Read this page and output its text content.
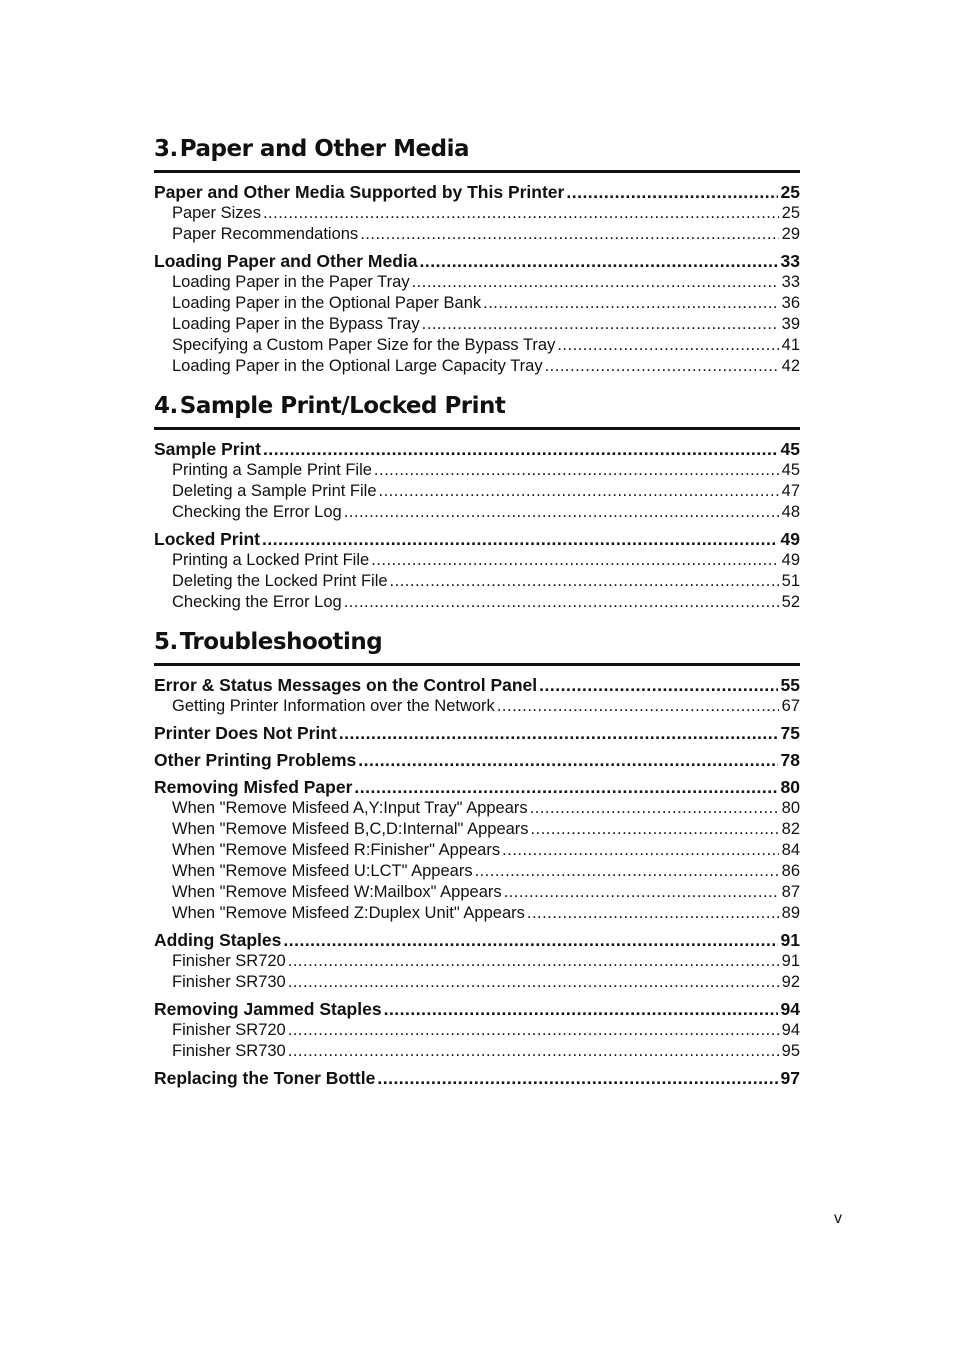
3.Paper and Other Media
Paper and Other Media Supported by This Printer .....	25
Paper Sizes .....	25
Paper Recommendations .....	29
Loading Paper and Other Media .....	33
Loading Paper in the Paper Tray .....	33
Loading Paper in the Optional Paper Bank .....	36
Loading Paper in the Bypass Tray .....	39
Specifying a Custom Paper Size for the Bypass Tray .....	41
Loading Paper in the Optional Large Capacity Tray .....	42
4.Sample Print/Locked Print
Sample Print .....	45
Printing a Sample Print File .....	45
Deleting a Sample Print File .....	47
Checking the Error Log .....	48
Locked Print .....	49
Printing a Locked Print File .....	49
Deleting the Locked Print File .....	51
Checking the Error Log .....	52
5.Troubleshooting
Error & Status Messages on the Control Panel .....	55
Getting Printer Information over the Network .....	67
Printer Does Not Print .....	75
Other Printing Problems .....	78
Removing Misfed Paper .....	80
When "Remove Misfeed A,Y:Input Tray" Appears .....	80
When "Remove Misfeed B,C,D:Internal" Appears .....	82
When "Remove Misfeed R:Finisher" Appears .....	84
When "Remove Misfeed U:LCT" Appears .....	86
When "Remove Misfeed W:Mailbox" Appears .....	87
When "Remove Misfeed Z:Duplex Unit" Appears .....	89
Adding Staples .....	91
Finisher SR720 .....	91
Finisher SR730 .....	92
Removing Jammed Staples .....	94
Finisher SR720 .....	94
Finisher SR730 .....	95
Replacing the Toner Bottle .....	97
v
